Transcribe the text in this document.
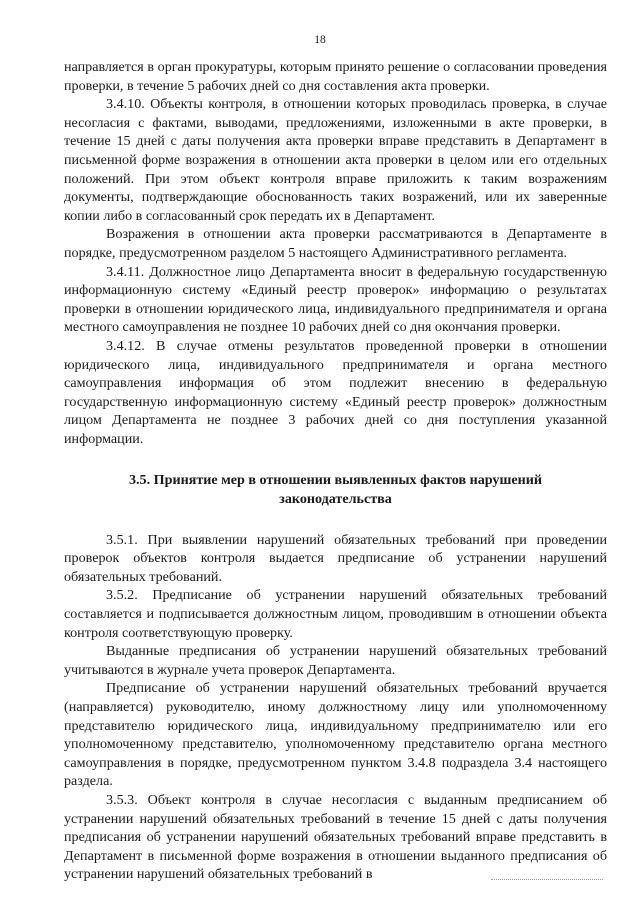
18

направляется в орган прокуратуры, которым принято решение о согласовании проведения проверки, в течение 5 рабочих дней со дня составления акта проверки.

3.4.10. Объекты контроля, в отношении которых проводилась проверка, в случае несогласия с фактами, выводами, предложениями, изложенными в акте проверки, в течение 15 дней с даты получения акта проверки вправе представить в Департамент в письменной форме возражения в отношении акта проверки в целом или его отдельных положений. При этом объект контроля вправе приложить к таким возражениям документы, подтверждающие обоснованность таких возражений, или их заверенные копии либо в согласованный срок передать их в Департамент.

Возражения в отношении акта проверки рассматриваются в Департаменте в порядке, предусмотренном разделом 5 настоящего Административного регламента.

3.4.11. Должностное лицо Департамента вносит в федеральную государственную информационную систему «Единый реестр проверок» информацию о результатах проверки в отношении юридического лица, индивидуального предпринимателя и органа местного самоуправления не позднее 10 рабочих дней со дня окончания проверки.

3.4.12. В случае отмены результатов проведенной проверки в отношении юридического лица, индивидуального предпринимателя и органа местного самоуправления информация об этом подлежит внесению в федеральную государственную информационную систему «Единый реестр проверок» должностным лицом Департамента не позднее 3 рабочих дней со дня поступления указанной информации.

3.5. Принятие мер в отношении выявленных фактов нарушений
законодательства

3.5.1. При выявлении нарушений обязательных требований при проведении проверок объектов контроля выдается предписание об устранении нарушений обязательных требований.

3.5.2. Предписание об устранении нарушений обязательных требований составляется и подписывается должностным лицом, проводившим в отношении объекта контроля соответствующую проверку.

Выданные предписания об устранении нарушений обязательных требований учитываются в журнале учета проверок Департамента.

Предписание об устранении нарушений обязательных требований вручается (направляется) руководителю, иному должностному лицу или уполномоченному представителю юридического лица, индивидуальному предпринимателю или его уполномоченному представителю, уполномоченному представителю органа местного самоуправления в порядке, предусмотренном пунктом 3.4.8 подраздела 3.4 настоящего раздела.

3.5.3. Объект контроля в случае несогласия с выданным предписанием об устранении нарушений обязательных требований в течение 15 дней с даты получения предписания об устранении нарушений обязательных требований вправе представить в Департамент в письменной форме возражения в отношении выданного предписания об устранении нарушений обязательных требований в
